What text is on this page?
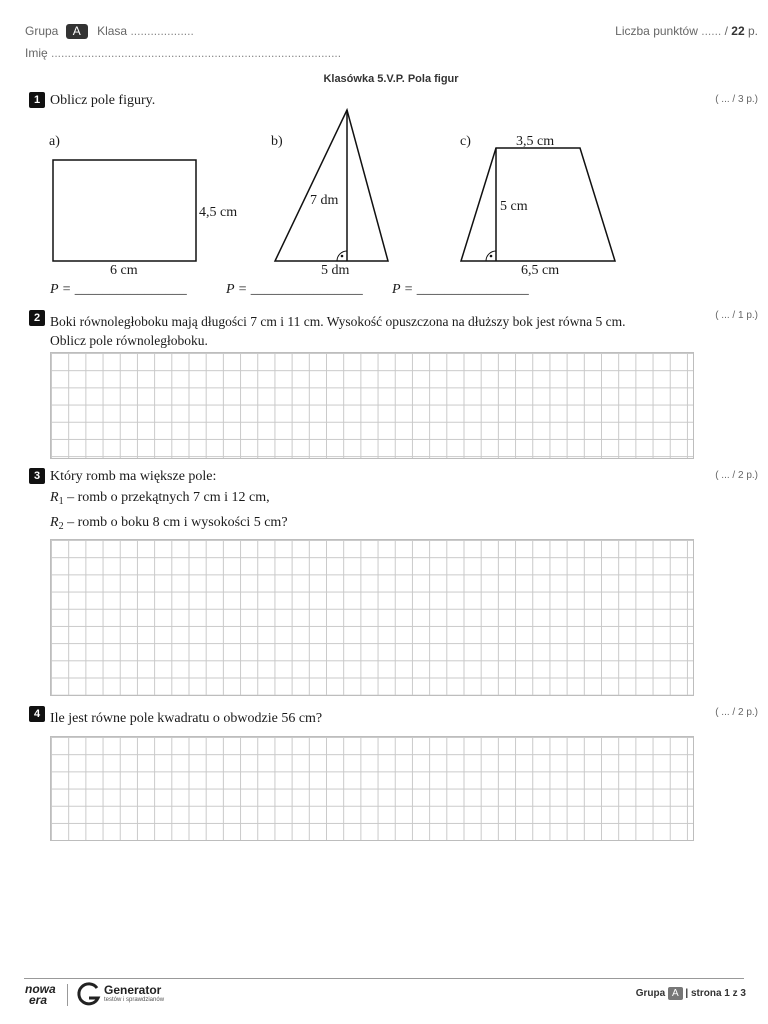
Grupa A Klasa ...................	Liczba punktów ...... / 22 p.
Imię .......................................................................................
Klasówka 5.V.P. Pola figur
1 Oblicz pole figury.	( ... / 3 p.)
a)
4,5 cm
6 cm
b)
7 dm
5 dm
c)	3,5 cm
5 cm
6,5 cm
P = ________________	P = ________________ P = ________________
2 Boki równoległoboku mają długości 7 cm i 11 cm. Wysokość opuszczona na dłuższy bok jest równa 5 cm.
Oblicz pole równoległoboku.
( ... / 1 p.)
3 Który romb ma większe pole:	( ... / 2 p.)
$R_1$ – romb o przekątnych 7 cm i 12 cm,
$R_2$ – romb o boku 8 cm i wysokości 5 cm?
4 Ile jest równe pole kwadratu o obwodzie 56 cm?	( ... / 2 p.)
nowa
era
Generator
testów i sprawdzianów
Grupa A | strona 1 z 3
